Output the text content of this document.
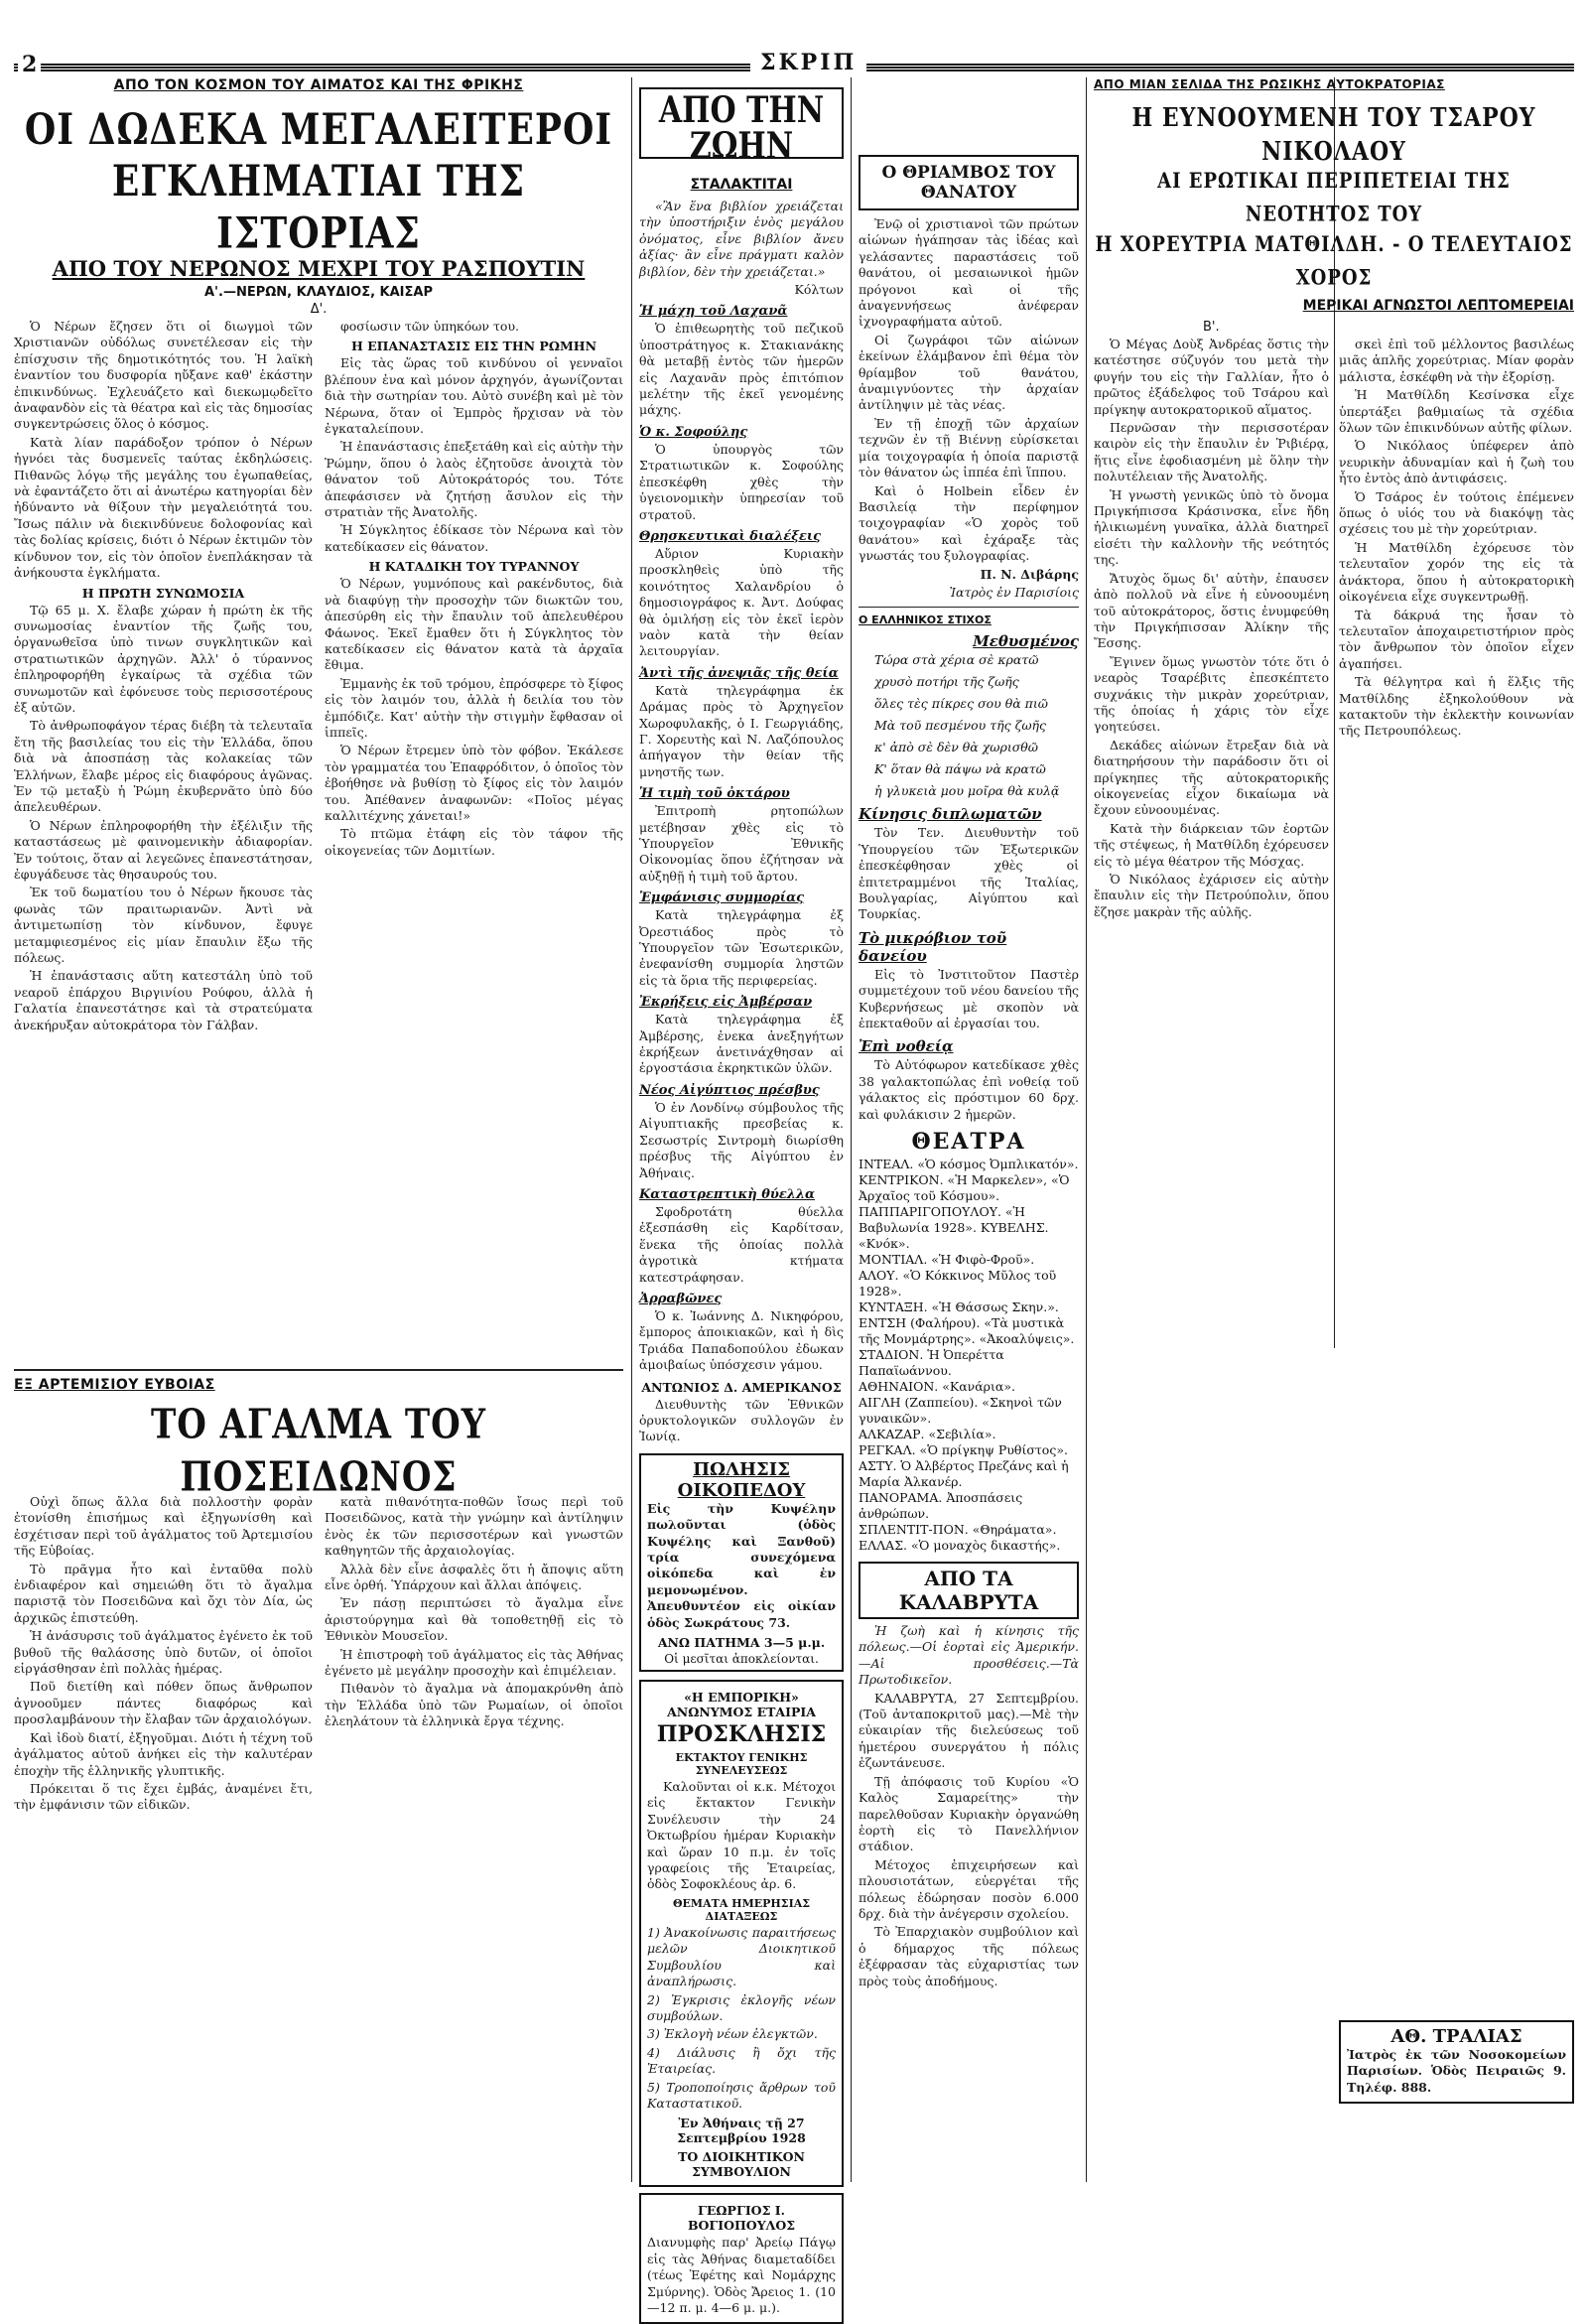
2	ΣΚΡΙΠ
ΑΠΟ ΤΟΝ ΚΟΣΜΟΝ ΤΟΥ ΑΙΜΑΤΟΣ ΚΑΙ ΤΗΣ ΦΡΙΚΗΣ
ΟΙ ΔΩΔΕΚΑ ΜΕΓΑΛΕΙΤΕΡΟΙ
ΕΓΚΛΗΜΑΤΙΑΙ ΤΗΣ ΙΣΤΟΡΙΑΣ
ΑΠΟ ΤΟΥ ΝΕΡΩΝΟΣ ΜΕΧΡΙ ΤΟΥ ΡΑΣΠΟΥΤΙΝ
Α'.—ΝΕΡΩΝ, ΚΛΑΥΔΙΟΣ, ΚΑΙΣΑΡ
Δ'.

Ὁ Νέρων ἔζησεν ὅτι οἱ διωγμοὶ τῶν Χριστιανῶν οὐδόλως συνετέλεσαν εἰς τὴν ἐπίσχυσιν τῆς δημοτικότητός του. Ἡ λαϊκὴ ἐναντίον του δυσφορία ηὔξανε καθ' ἑκάστην ἐπικινδύνως. Ἐχλευάζετο καὶ διεκωμῳδεῖτο ἀναφανδὸν εἰς τὰ θέατρα καὶ εἰς τὰς δημοσίας συγκεντρώσεις ὅλος ὁ κόσμος.

Κατὰ λίαν παράδοξον τρόπον ὁ Νέρων ἠγνόει τὰς δυσμενεῖς ταύτας ἐκδηλώσεις. Πιθανῶς λόγῳ τῆς μεγάλης του ἐγωπαθείας, νὰ ἐφαντάζετο ὅτι αἱ ἀνωτέρω κατηγορίαι δὲν ἠδύναντο νὰ θίξουν τὴν μεγαλειότητά του. Ἴσως πάλιν νὰ διεκινδύνευε δολοφονίας καὶ τὰς δολίας κρίσεις, διότι ὁ Νέρων ἐκτιμῶν τὸν κίνδυνον τον, εἰς τὸν ὁποῖον ἐνεπλάκησαν τὰ ἀνήκουστα ἐγκλήματα.

Η ΠΡΩΤΗ ΣΥΝΩΜΟΣΙΑ

Τῷ 65 μ. Χ. ἔλαβε χώραν ἡ πρώτη ἐκ τῆς συνωμοσίας ἐναντίον τῆς ζωῆς του, ὀργανωθεῖσα ὑπὸ τινων συγκλητικῶν καὶ στρατιωτικῶν ἀρχηγῶν. Ἀλλ' ὁ τύραννος ἐπληροφορήθη ἐγκαίρως τὰ σχέδια τῶν συνωμοτῶν καὶ ἐφόνευσε τοὺς περισσοτέρους ἐξ αὐτῶν.

Τὸ ἀνθρωποφάγον τέρας διέβη τὰ τελευταῖα ἔτη τῆς βασιλείας του εἰς τὴν Ἑλλάδα, ὅπου διὰ νὰ ἀποσπάσῃ τὰς κολακείας τῶν Ἑλλήνων, ἔλαβε μέρος εἰς διαφόρους ἀγῶνας. Ἐν τῷ μεταξὺ ἡ Ῥώμη ἐκυβερνᾶτο ὑπὸ δύο ἀπελευθέρων.

Ὁ Νέρων ἐπληροφορήθη τὴν ἐξέλιξιν τῆς καταστάσεως μὲ φαινομενικὴν ἀδιαφορίαν. Ἐν τούτοις, ὅταν αἱ λεγεῶνες ἐπανεστάτησαν, ἐφυγάδευσε τὰς θησαυρούς του.

Ἐκ τοῦ δωματίου του ὁ Νέρων ἤκουσε τὰς φωνὰς τῶν πραιτωριανῶν. Ἀντὶ νὰ ἀντιμετωπίσῃ τὸν κίνδυνον, ἔφυγε μεταμφιεσμένος εἰς μίαν ἔπαυλιν ἔξω τῆς πόλεως.

Ἡ ἐπανάστασις αὕτη κατεστάλη ὑπὸ τοῦ νεαροῦ ἐπάρχου Βιργινίου Ρούφου, ἀλλὰ ἡ Γαλατία ἐπανεστάτησε καὶ τὰ στρατεύματα ἀνεκήρυξαν αὐτοκράτορα τὸν Γάλβαν.

φοσίωσιν τῶν ὑπηκόων του.

Η ΕΠΑΝΑΣΤΑΣΙΣ ΕΙΣ ΤΗΝ ΡΩΜΗΝ

Εἰς τὰς ὥρας τοῦ κινδύνου οἱ γενναῖοι βλέπουν ἐνα καὶ μόνον ἀρχηγόν, ἀγωνίζονται διὰ τὴν σωτηρίαν του. Αὐτὸ συνέβη καὶ μὲ τὸν Νέρωνα, ὅταν οἱ Ἐμπρὸς ἤρχισαν νὰ τὸν ἐγκαταλείπουν.

Ἡ ἐπανάστασις ἐπεξετάθη καὶ εἰς αὐτὴν τὴν Ῥώμην, ὅπου ὁ λαὸς ἐζητοῦσε ἀνοιχτὰ τὸν θάνατον τοῦ Αὐτοκράτορός του. Τότε ἀπεφάσισεν νὰ ζητήσῃ ἄσυλον εἰς τὴν στρατιὰν τῆς Ἀνατολῆς.

Ἡ Σύγκλητος ἐδίκασε τὸν Νέρωνα καὶ τὸν κατεδίκασεν εἰς θάνατον.

Η ΚΑΤΑΔΙΚΗ ΤΟΥ ΤΥΡΑΝΝΟΥ

Ὁ Νέρων, γυμνόπους καὶ ρακένδυτος, διὰ νὰ διαφύγῃ τὴν προσοχὴν τῶν διωκτῶν του, ἀπεσύρθη εἰς τὴν ἔπαυλιν τοῦ ἀπελευθέρου Φάωνος. Ἐκεῖ ἔμαθεν ὅτι ἡ Σύγκλητος τὸν κατεδίκασεν εἰς θάνατον κατὰ τὰ ἀρχαῖα ἔθιμα.

Ἐμμανὴς ἐκ τοῦ τρόμου, ἐπρόσφερε τὸ ξίφος εἰς τὸν λαιμόν του, ἀλλὰ ἡ δειλία του τὸν ἐμπόδιζε. Κατ' αὐτὴν τὴν στιγμὴν ἔφθασαν οἱ ἱππεῖς.

Ὁ Νέρων ἔτρεμεν ὑπὸ τὸν φόβον. Ἐκάλεσε τὸν γραμματέα του Ἐπαφρόδιτον, ὁ ὁποῖος τὸν ἐβοήθησε νὰ βυθίσῃ τὸ ξίφος εἰς τὸν λαιμόν του. Ἀπέθανεν ἀναφωνῶν: «Ποῖος μέγας καλλιτέχνης χάνεται!»

Τὸ πτῶμα ἐτάφη εἰς τὸν τάφον τῆς οἰκογενείας τῶν Δομιτίων.

ΕΞ ΑΡΤΕΜΙΣΙΟΥ ΕΥΒΟΙΑΣ
ΤΟ ΑΓΑΛΜΑ ΤΟΥ ΠΟΣΕΙΔΩΝΟΣ

Οὐχὶ ὅπως ἄλλα διὰ πολλοστὴν φορὰν ἐτονίσθη ἐπισήμως καὶ ἐξηγωνίσθη καὶ ἐσχέτισαν περὶ τοῦ ἀγάλματος τοῦ Ἀρτεμισίου τῆς Εὐβοίας.

Τὸ πρᾶγμα ἦτο καὶ ἐνταῦθα πολὺ ἐνδιαφέρον καὶ σημειώθη ὅτι τὸ ἄγαλμα παριστᾷ τὸν Ποσειδῶνα καὶ ὄχι τὸν Δία, ὡς ἀρχικῶς ἐπιστεύθη.

Ἡ ἀνάσυρσις τοῦ ἀγάλματος ἐγένετο ἐκ τοῦ βυθοῦ τῆς θαλάσσης ὑπὸ δυτῶν, οἱ ὁποῖοι εἰργάσθησαν ἐπὶ πολλὰς ἡμέρας.

Ποῦ διετίθη καὶ πόθεν ὅπως ἄνθρωπον ἀγνοοῦμεν πάντες διαφόρως καὶ προσλαμβάνουν τὴν ἔλαβαν τῶν ἀρχαιολόγων.

Καὶ ἰδοὺ διατί, ἐξηγοῦμαι. Διότι ἡ τέχνη τοῦ ἀγάλματος αὐτοῦ ἀνήκει εἰς τὴν καλυτέραν ἐποχὴν τῆς ἑλληνικῆς γλυπτικῆς.

Πρόκειται ὅ τις ἔχει ἐμβάς, ἀναμένει ἔτι, τὴν ἐμφάνισιν τῶν εἰδικῶν.

κατὰ πιθανότητα-ποθῶν ἴσως περὶ τοῦ Ποσειδῶνος, κατὰ τὴν γνώμην καὶ ἀντίληψιν ἐνὸς ἐκ τῶν περισσοτέρων καὶ γνωστῶν καθηγητῶν τῆς ἀρχαιολογίας.

Ἀλλὰ δὲν εἶνε ἀσφαλὲς ὅτι ἡ ἄποψις αὕτη εἶνε ὀρθή. Ὑπάρχουν καὶ ἄλλαι ἀπόψεις.

Ἐν πάσῃ περιπτώσει τὸ ἄγαλμα εἶνε ἀριστούργημα καὶ θὰ τοποθετηθῇ εἰς τὸ Ἐθνικὸν Μουσεῖον.

Ἡ ἐπιστροφὴ τοῦ ἀγάλματος εἰς τὰς Ἀθήνας ἐγένετο μὲ μεγάλην προσοχὴν καὶ ἐπιμέλειαν.

Πιθανὸν τὸ ἄγαλμα νὰ ἀπομακρύνθη ἀπὸ τὴν Ἑλλάδα ὑπὸ τῶν Ρωμαίων, οἱ ὁποῖοι ἐλεηλάτουν τὰ ἑλληνικὰ ἔργα τέχνης.

ΑΠΟ ΤΗΝ ΖΩΗΝ
ΣΤΑΛΑΚΤΙΤΑΙ

«Ἂν ἕνα βιβλίον χρειάζεται τὴν ὑποστήριξιν ἑνὸς μεγάλου ὀνόματος, εἶνε βιβλίον ἄνευ ἀξίας· ἂν εἶνε πράγματι καλὸν βιβλίον, δὲν τὴν χρειάζεται.»

Κόλτων

Ἡ μάχη τοῦ Λαχανᾶ

Ὁ ἐπιθεωρητὴς τοῦ πεζικοῦ ὑποστράτηγος κ. Στακιανάκης θὰ μεταβῇ ἐντὸς τῶν ἡμερῶν εἰς Λαχανᾶν πρὸς ἐπιτόπιον μελέτην τῆς ἐκεῖ γενομένης μάχης.

Ὁ κ. Σοφούλης

Ὁ ὑπουργὸς τῶν Στρατιωτικῶν κ. Σοφούλης ἐπεσκέφθη χθὲς τὴν ὑγειονομικὴν ὑπηρεσίαν τοῦ στρατοῦ.

Θρησκευτικαὶ διαλέξεις

Αὔριον Κυριακὴν προσκληθεὶς ὑπὸ τῆς κοινότητος Χαλανδρίου ὁ δημοσιογράφος κ. Ἀντ. Δούφας θὰ ὁμιλήσῃ εἰς τὸν ἐκεῖ ἱερὸν ναὸν κατὰ τὴν θείαν λειτουργίαν.

Ἀντὶ τῆς ἀνεψιᾶς τῆς θεία

Κατὰ τηλεγράφημα ἐκ Δράμας πρὸς τὸ Ἀρχηγεῖον Χωροφυλακῆς, ὁ Ι. Γεωργιάδης, Γ. Χορευτὴς καὶ Ν. Λαζόπουλος ἀπήγαγον τὴν θείαν τῆς μνηστῆς των.

Ἡ τιμὴ τοῦ ὀκτάρου

Ἐπιτροπὴ ρητοπώλων μετέβησαν χθὲς εἰς τὸ Ὑπουργεῖον Ἐθνικῆς Οἰκονομίας ὅπου ἐζήτησαν νὰ αὐξηθῇ ἡ τιμὴ τοῦ ἄρτου.

Ἐμφάνισις συμμορίας

Κατὰ τηλεγράφημα ἐξ Ὀρεστιάδος πρὸς τὸ Ὑπουργεῖον τῶν Ἐσωτερικῶν, ἐνεφανίσθη συμμορία ληστῶν εἰς τὰ ὅρια τῆς περιφερείας.

Ἐκρήξεις εἰς Ἀμβέρσαν

Κατὰ τηλεγράφημα ἐξ Ἀμβέρσης, ἐνεκα ἀνεξηγήτων ἐκρήξεων ἀνετινάχθησαν αἱ ἐργοστάσια ἐκρηκτικῶν ὑλῶν.

Νέος Αἰγύπτιος πρέσβυς

Ὁ ἐν Λονδίνῳ σύμβουλος τῆς Αἰγυπτιακῆς πρεσβείας κ. Σεσωστρίς Σιντρομὴ διωρίσθη πρέσβυς τῆς Αἰγύπτου ἐν Ἀθήναις.

Καταστρεπτικὴ θύελλα

Σφοδροτάτη θύελλα ἐξεσπάσθη εἰς Καρδίτσαν, ἕνεκα τῆς ὁποίας πολλὰ ἀγροτικὰ κτήματα κατεστράφησαν.

Ἀρραβῶνες

Ὁ κ. Ἰωάννης Δ. Νικηφόρου, ἔμπορος ἀποικιακῶν, καὶ ἡ δὶς Τριάδα Παπαδοπούλου ἐδωκαν ἀμοιβαίως ὑπόσχεσιν γάμου.

ΑΝΤΩΝΙΟΣ Δ. ΑΜΕΡΙΚΑΝΟΣ

Διευθυντὴς τῶν Ἐθνικῶν ὀρυκτολογικῶν συλλογῶν ἐν Ἰωνίᾳ.

ΠΩΛΗΣΙΣ ΟΙΚΟΠΕΔΟΥ

Εἰς τὴν Κυψέλην πωλοῦνται (ὁδὸς Κυψέλης καὶ Ξανθοῦ) τρία συνεχόμενα οἰκόπεδα καὶ ἐν μεμονωμένον. Ἀπευθυντέον εἰς οἰκίαν ὁδὸς Σωκράτους 73.

ΑΝΩ ΠΑΤΗΜΑ 3—5 μ.μ.

Οἱ μεσῖται ἀποκλείονται.

«Η ΕΜΠΟΡΙΚΗ» ΑΝΩΝΥΜΟΣ ΕΤΑΙΡΙΑ
ΠΡΟΣΚΛΗΣΙΣ
ΕΚΤΑΚΤΟΥ ΓΕΝΙΚΗΣ ΣΥΝΕΛΕΥΣΕΩΣ

Καλοῦνται οἱ κ.κ. Μέτοχοι εἰς ἔκτακτον Γενικὴν Συνέλευσιν τὴν 24 Ὀκτωβρίου ἡμέραν Κυριακὴν καὶ ὥραν 10 π.μ. ἐν τοῖς γραφείοις τῆς Ἑταιρείας, ὁδὸς Σοφοκλέους ἀρ. 6.

ΘΕΜΑΤΑ ΗΜΕΡΗΣΙΑΣ ΔΙΑΤΑΞΕΩΣ

1) Ἀνακοίνωσις παραιτήσεως μελῶν Διοικητικοῦ Συμβουλίου καὶ ἀναπλήρωσις.

2) Ἐγκρισις ἐκλογῆς νέων συμβούλων.

3) Ἐκλογὴ νέων ἐλεγκτῶν.

4) Διάλυσις ἢ ὄχι τῆς Ἑταιρείας.

5) Τροποποίησις ἄρθρων τοῦ Καταστατικοῦ.

Ἐν Ἀθήναις τῇ 27 Σεπτεμβρίου 1928

ΤΟ ΔΙΟΙΚΗΤΙΚΟΝ ΣΥΜΒΟΥΛΙΟΝ

ΓΕΩΡΓΙΟΣ Ι. ΒΟΓΙΟΠΟΥΛΟΣ

Διανυμφὴς παρ' Ἀρείῳ Πάγῳ εἰς τὰς Ἀθήνας διαμεταδίδει (τέως Ἐφέτης καὶ Νομάρχης Σμύρνης). Ὁδὸς Ἄρειος 1. (10—12 π. μ. 4—6 μ. μ.).

Ο ΘΡΙΑΜΒΟΣ ΤΟΥ ΘΑΝΑΤΟΥ

Ἐνῷ οἱ χριστιανοὶ τῶν πρώτων αἰώνων ἡγάπησαν τὰς ἰδέας καὶ γελάσαντες παραστάσεις τοῦ θανάτου, οἱ μεσαιωνικοὶ ἡμῶν πρόγονοι καὶ οἱ τῆς ἀναγεννήσεως ἀνέφεραν ἰχνογραφήματα αὐτοῦ.

Οἱ ζωγράφοι τῶν αἰώνων ἐκείνων ἐλάμβανον ἐπὶ θέμα τὸν θρίαμβον τοῦ θανάτου, ἀναμιγνύοντες τὴν ἀρχαίαν ἀντίληψιν μὲ τὰς νέας.

Ἐν τῇ ἐποχῇ τῶν ἀρχαίων τεχνῶν ἐν τῇ Βιέννῃ εὑρίσκεται μία τοιχογραφία ἡ ὁποία παριστᾷ τὸν θάνατον ὡς ἱππέα ἐπὶ ἵππου.

Καὶ ὁ Holbein εἶδεν ἐν Βασιλείᾳ τὴν περίφημον τοιχογραφίαν «Ὁ χορὸς τοῦ θανάτου» καὶ ἐχάραξε τὰς γνωστάς του ξυλογραφίας.

Π. Ν. Διβάρης

Ἰατρὸς ἐν Παρισίοις

Ο ΕΛΛΗΝΙΚΟΣ ΣΤΙΧΟΣ
Μεθυσμένος

Τώρα στὰ χέρια σὲ κρατῶ

χρυσὸ ποτήρι τῆς ζωῆς

ὅλες τὲς πίκρες σου θὰ πιῶ

Μὰ τοῦ πεσμένου τῆς ζωῆς

κ' ἀπὸ σὲ δὲν θὰ χωρισθῶ

Κ' ὅταν θὰ πάψω νὰ κρατῶ

ἡ γλυκειὰ μου μοῖρα θὰ κυλᾷ

Κίνησις διπλωματῶν

Τὸν Τεν. Διευθυντὴν τοῦ Ὑπουργείου τῶν Ἐξωτερικῶν ἐπεσκέφθησαν χθὲς οἱ ἐπιτετραμμένοι τῆς Ἰταλίας, Βουλγαρίας, Αἰγύπτου καὶ Τουρκίας.

Τὸ μικρόβιον τοῦ δανείου

Εἰς τὸ Ἰνστιτοῦτον Παστὲρ συμμετέχουν τοῦ νέου δανείου τῆς Κυβερνήσεως μὲ σκοπὸν νὰ ἐπεκταθοῦν αἱ ἐργασίαι του.

Ἐπὶ νοθείᾳ

Τὸ Αὐτόφωρον κατεδίκασε χθὲς 38 γαλακτοπώλας ἐπὶ νοθείᾳ τοῦ γάλακτος εἰς πρόστιμον 60 δρχ. καὶ φυλάκισιν 2 ἡμερῶν.

ΘΕΑΤΡΑ

ΙΝΤΕΑΛ. «Ὁ κόσμος Ὀμπλικατόν».

ΚΕΝΤΡΙΚΟΝ. «Ἡ Μαρκελεν», «Ὁ Ἀρχαῖος τοῦ Κόσμου».

ΠΑΠΠΑΡΙΓΟΠΟΥΛΟΥ. «Ἡ Βαβυλωνία 1928». ΚΥΒΕΛΗΣ. «Κνόκ».

ΜΟΝΤΙΑΛ. «Ἡ Φιφὸ-Φροῦ».

ΑΛΟΥ. «Ὁ Κόκκινος Μῦλος τοῦ 1928».

ΚΥΝΤΑΞΗ. «Ἡ Θάσσως Σκην.».

ΕΝΤΣΗ (Φαλήρου). «Τὰ μυστικὰ τῆς Μονμάρτρης». «Ἀκοαλύψεις».

ΣΤΑΔΙΟΝ. Ἡ Ὀπερέττα Παπαϊωάννου.

ΑΘΗΝΑΙΟΝ. «Κανάρια».

ΑΙΓΛΗ (Ζαππείου). «Σκηνοὶ τῶν γυναικῶν».

ΑΛΚΑΖΑΡ. «Σεβιλία».

ΡΕΓΚΑΛ. «Ὁ πρίγκηψ Ρυθίστος».

ΑΣΤΥ. Ὁ Ἀλβέρτος Πρεζάνς καὶ ἡ Μαρία Ἀλκανέρ.

ΠΑΝΟΡΑΜΑ. Ἀποσπάσεις ἀνθρώπων.

ΣΠΛΕΝΤΙΤ-ΠΟΝ. «Θηράματα».

ΕΛΛΑΣ. «Ὁ μοναχὸς δικαστής».

ΑΠΟ ΤΑ ΚΑΛΑΒΡΥΤΑ

Ἡ ζωὴ καὶ ἡ κίνησις τῆς πόλεως.—Οἱ ἑορταὶ εἰς Ἀμερικήν.—Αἱ προσθέσεις.—Τὰ Πρωτοδικεῖον.

ΚΑΛΑΒΡΥΤΑ, 27 Σεπτεμβρίου. (Τοῦ ἀνταποκριτοῦ μας).—Μὲ τὴν εὐκαιρίαν τῆς διελεύσεως τοῦ ἡμετέρου συνεργάτου ἡ πόλις ἐζωντάνευσε.

Τῇ ἀπόφασις τοῦ Κυρίου «Ὁ Καλὸς Σαμαρείτης» τὴν παρελθοῦσαν Κυριακὴν ὀργανώθη ἑορτὴ εἰς τὸ Πανελλήνιον στάδιον.

Μέτοχος ἐπιχειρήσεων καὶ πλουσιοτάτων, εὐεργέται τῆς πόλεως ἐδώρησαν ποσὸν 6.000 δρχ. διὰ τὴν ἀνέγερσιν σχολείου.

Τὸ Ἐπαρχιακὸν συμβούλιον καὶ ὁ δήμαρχος τῆς πόλεως ἐξέφρασαν τὰς εὐχαριστίας των πρὸς τοὺς ἀποδήμους.

ΑΠΟ ΜΙΑΝ ΣΕΛΙΔΑ ΤΗΣ ΡΩΣΙΚΗΣ ΑΥΤΟΚΡΑΤΟΡΙΑΣ
Η ΕΥΝΟΟΥΜΕΝΗ ΤΟΥ ΤΣΑΡΟΥ ΝΙΚΟΛΑΟΥ
ΑΙ ΕΡΩΤΙΚΑΙ ΠΕΡΙΠΕΤΕΙΑΙ ΤΗΣ ΝΕΟΤΗΤΟΣ ΤΟΥ
Η ΧΟΡΕΥΤΡΙΑ ΜΑΤΘΙΛΔΗ. - Ο ΤΕΛΕΥΤΑΙΟΣ ΧΟΡΟΣ
ΜΕΡΙΚΑΙ ΑΓΝΩΣΤΟΙ ΛΕΠΤΟΜΕΡΕΙΑΙ
Β'.

Ὁ Μέγας Δοὺξ Ἀνδρέας ὅστις τὴν κατέστησε σύζυγόν του μετὰ τὴν φυγήν του εἰς τὴν Γαλλίαν, ἦτο ὁ πρῶτος ἐξάδελφος τοῦ Τσάρου καὶ πρίγκηψ αυτοκρατορικοῦ αἵματος.

Περνῶσαν τὴν περισσοτέραν καιρὸν εἰς τὴν ἔπαυλιν ἐν Ῥιβιέρᾳ, ἥτις εἶνε ἐφοδιασμένη μὲ ὅλην τὴν πολυτέλειαν τῆς Ἀνατολῆς.

Ἡ γνωστὴ γενικῶς ὑπὸ τὸ ὄνομα Πριγκήπισσα Κράσινσκα, εἶνε ἤδη ἡλικιωμένη γυναῖκα, ἀλλὰ διατηρεῖ εἰσέτι τὴν καλλονὴν τῆς νεότητός της.

Ἄτυχὸς ὅμως δι' αὐτὴν, ἐπαυσεν ἀπὸ πολλοῦ νὰ εἶνε ἡ εὐνοουμένη τοῦ αὐτοκράτορος, ὅστις ἐνυμφεύθη τὴν Πριγκήπισσαν Ἀλίκην τῆς Ἔσσης.

Ἔγινεν ὅμως γνωστὸν τότε ὅτι ὁ νεαρὸς Τσαρέβιτς ἐπεσκέπτετο συχνάκις τὴν μικρὰν χορεύτριαν, τῆς ὁποίας ἡ χάρις τὸν εἶχε γοητεύσει.

Δεκάδες αἰώνων ἔτρεξαν διὰ νὰ διατηρήσουν τὴν παράδοσιν ὅτι οἱ πρίγκηπες τῆς αὐτοκρατορικῆς οἰκογενείας εἶχον δικαίωμα νὰ ἔχουν εὐνοουμένας.

Κατὰ τὴν διάρκειαν τῶν ἐορτῶν τῆς στέψεως, ἡ Ματθίλδη ἐχόρευσεν εἰς τὸ μέγα θέατρον τῆς Μόσχας.

Ὁ Νικόλαος ἐχάρισεν εἰς αὐτὴν ἔπαυλιν εἰς τὴν Πετρούπολιν, ὅπου ἔζησε μακρὰν τῆς αὐλῆς.

σκεὶ ἐπὶ τοῦ μέλλοντος βασιλέως μιᾶς ἁπλῆς χορεύτριας. Μίαν φορὰν μάλιστα, ἐσκέφθη νὰ τὴν ἐξορίσῃ.

Ἡ Ματθίλδη Κεσίνσκα εἶχε ὑπερτάξει βαθμιαίως τὰ σχέδια ὅλων τῶν ἐπικινδύνων αὐτῆς φίλων.

Ὁ Νικόλαος ὑπέφερεν ἀπὸ νευρικὴν ἀδυναμίαν καὶ ἡ ζωὴ του ἦτο ἐντὸς ἀπὸ ἀντιφάσεις.

Ὁ Τσάρος ἐν τούτοις ἐπέμενεν ὅπως ὁ υἱός του νὰ διακόψῃ τὰς σχέσεις του μὲ τὴν χορεύτριαν.

Ἡ Ματθίλδη ἐχόρευσε τὸν τελευταῖον χορόν της εἰς τὰ ἀνάκτορα, ὅπου ἡ αὐτοκρατορικὴ οἰκογένεια εἶχε συγκεντρωθῇ.

Τὰ δάκρυά της ἦσαν τὸ τελευταῖον ἀποχαιρετιστήριον πρὸς τὸν ἄνθρωπον τὸν ὁποῖον εἶχεν ἀγαπήσει.

Τὰ θέλγητρα καὶ ἡ ἕλξις τῆς Ματθίλδης ἐξηκολούθουν νὰ κατακτοῦν τὴν ἐκλεκτὴν κοινωνίαν τῆς Πετρουπόλεως.

ΑΘ. ΤΡΑΛΙΑΣ

Ἰατρὸς ἐκ τῶν Νοσοκομείων Παρισίων. Ὁδὸς Πειραιῶς 9. Τηλέφ. 888.
